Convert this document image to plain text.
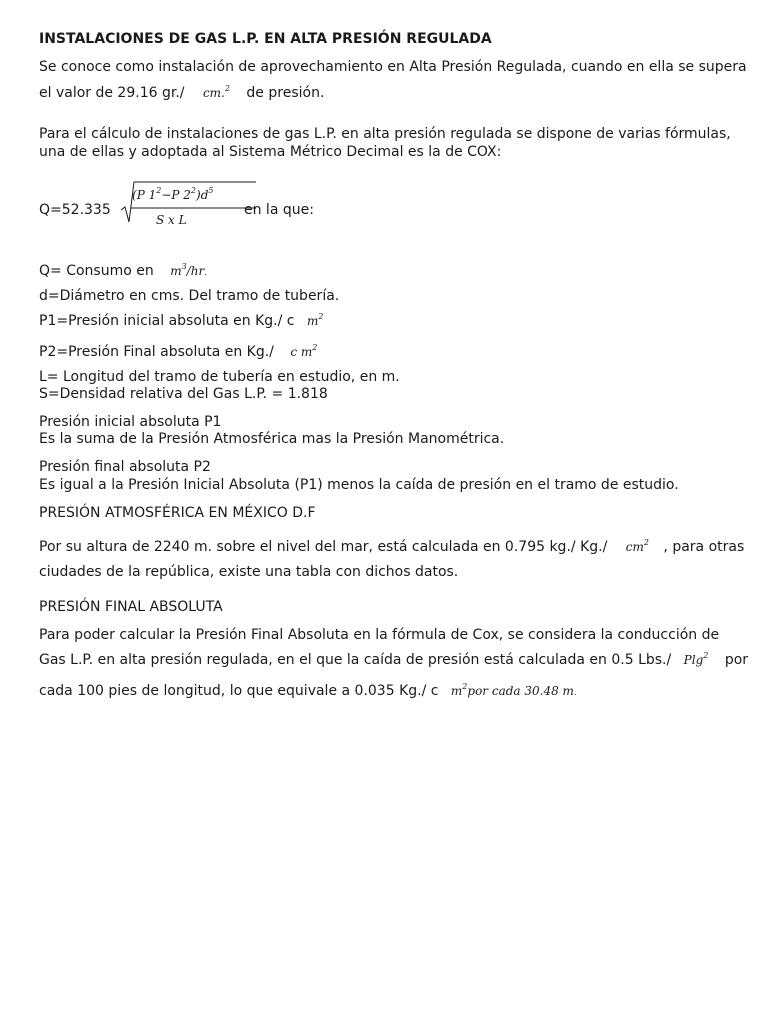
INSTALACIONES DE GAS L.P. EN ALTA PRESIÓN REGULADA
Se conoce como instalación de aprovechamiento en Alta Presión Regulada, cuando en ella se supera
el valor de 29.16 gr./ cm.$^2$ de presión.
Para el cálculo de instalaciones de gas L.P. en alta presión regulada se dispone de varias fórmulas,
una de ellas y adoptada al Sistema Métrico Decimal es la de COX:
Q=52.335
(P $1^2-P$ $2^2)d^5$
S x L
en la que:
Q= Consumo en $m^3/hr$.
d=Diámetro en cms. Del tramo de tubería.
P1=Presión inicial absoluta en Kg./ c $m^2$
P2=Presión Final absoluta en Kg./ c $m^2$
L= Longitud del tramo de tubería en estudio, en m.
S=Densidad relativa del Gas L.P. = 1.818
Presión inicial absoluta P1
Es la suma de la Presión Atmosférica mas la Presión Manométrica.
Presión final absoluta P2
Es igual a la Presión Inicial Absoluta (P1) menos la caída de presión en el tramo de estudio.
PRESIÓN ATMOSFÉRICA EN MÉXICO D.F
Por su altura de 2240 m. sobre el nivel del mar, está calculada en 0.795 kg./ Kg./ $cm^2$ , para otras
ciudades de la república, existe una tabla con dichos datos.
PRESIÓN FINAL ABSOLUTA
Para poder calcular la Presión Final Absoluta en la fórmula de Cox, se considera la conducción de
Gas L.P. en alta presión regulada, en el que la caída de presión está calculada en 0.5 Lbs./ Plg$^2$ por
cada 100 pies de longitud, lo que equivale a 0.035 Kg./ c $m^2por$ cada 30.48 m.
